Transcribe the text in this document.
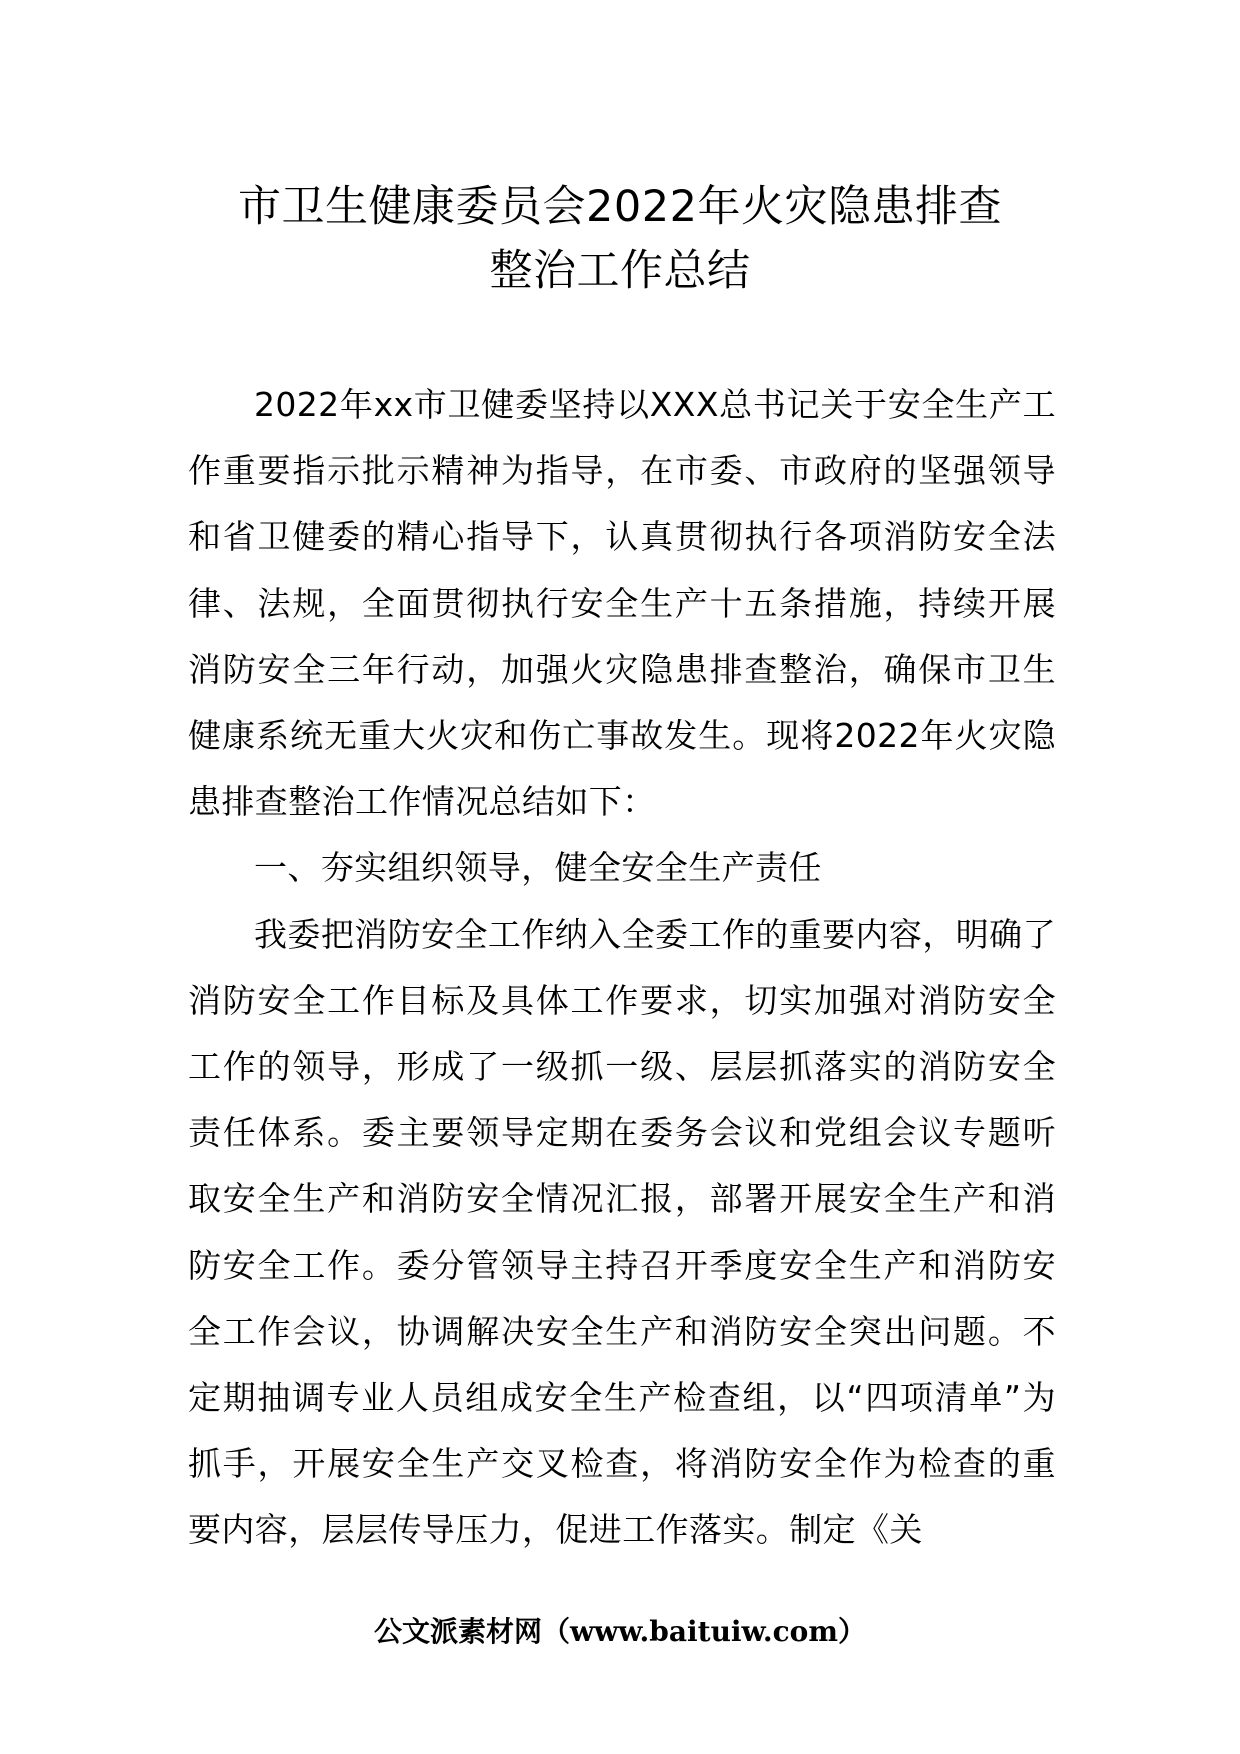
市卫生健康委员会2022年火灾隐患排查
整治工作总结

2022年xx市卫健委坚持以XXX总书记关于安全生产工作重要指示批示精神为指导，在市委、市政府的坚强领导和省卫健委的精心指导下，认真贯彻执行各项消防安全法律、法规，全面贯彻执行安全生产十五条措施，持续开展消防安全三年行动，加强火灾隐患排查整治，确保市卫生健康系统无重大火灾和伤亡事故发生。现将2022年火灾隐患排查整治工作情况总结如下：

一、夯实组织领导，健全安全生产责任

我委把消防安全工作纳入全委工作的重要内容，明确了消防安全工作目标及具体工作要求，切实加强对消防安全工作的领导，形成了一级抓一级、层层抓落实的消防安全责任体系。委主要领导定期在委务会议和党组会议专题听取安全生产和消防安全情况汇报，部署开展安全生产和消防安全工作。委分管领导主持召开季度安全生产和消防安全工作会议，协调解决安全生产和消防安全突出问题。不定期抽调专业人员组成安全生产检查组，以“四项清单”为抓手，开展安全生产交叉检查，将消防安全作为检查的重要内容，层层传导压力，促进工作落实。制定《关

公文派素材网（www.baituiw.com）
